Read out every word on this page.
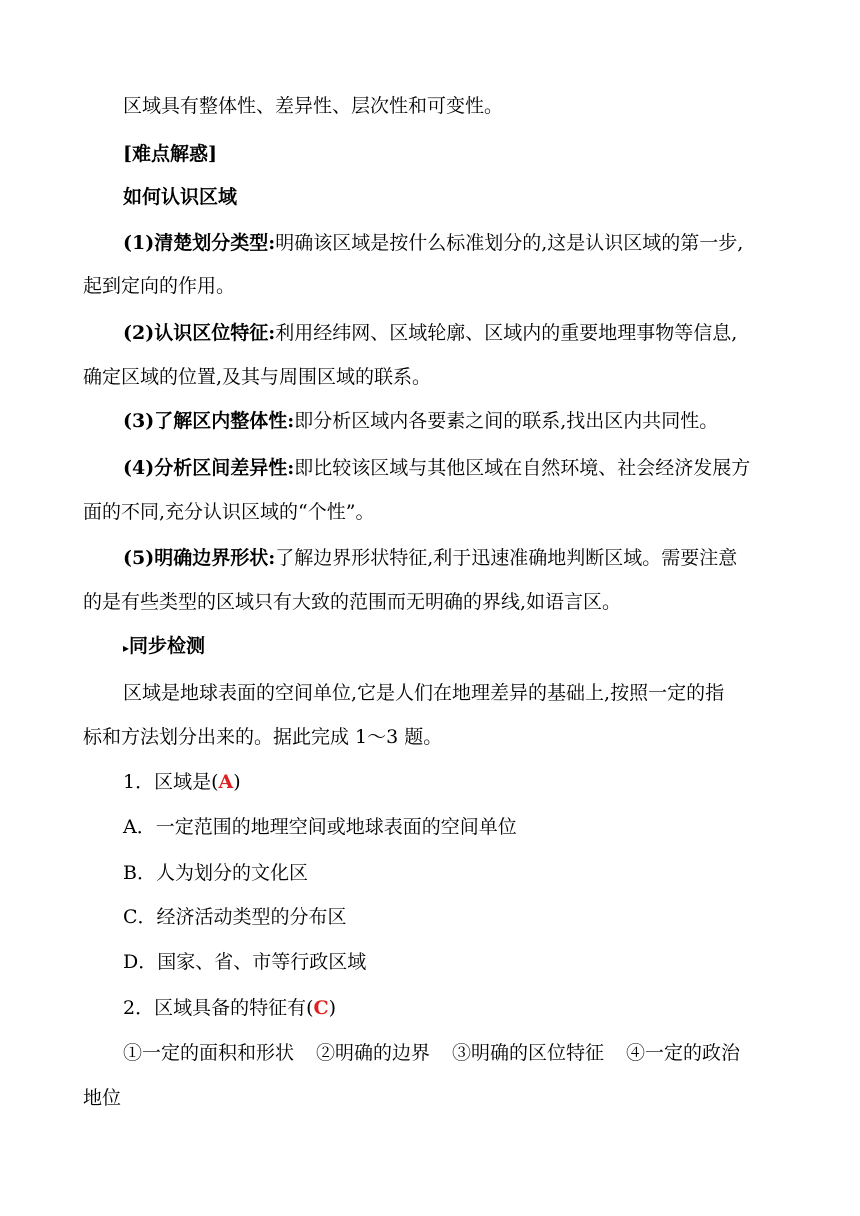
区域具有整体性、差异性、层次性和可变性。
[难点解惑]
如何认识区域
(1)清楚划分类型:明确该区域是按什么标准划分的,这是认识区域的第一步,
起到定向的作用。
(2)认识区位特征:利用经纬网、区域轮廓、区域内的重要地理事物等信息,
确定区域的位置,及其与周围区域的联系。
(3)了解区内整体性:即分析区域内各要素之间的联系,找出区内共同性。
(4)分析区间差异性:即比较该区域与其他区域在自然环境、社会经济发展方
面的不同,充分认识区域的“个性”。
(5)明确边界形状:了解边界形状特征,利于迅速准确地判断区域。需要注意
的是有些类型的区域只有大致的范围而无明确的界线,如语言区。
▸同步检测
区域是地球表面的空间单位,它是人们在地理差异的基础上,按照一定的指
标和方法划分出来的。据此完成 1～3 题。
1．区域是(A)
A．一定范围的地理空间或地球表面的空间单位
B．人为划分的文化区
C．经济活动类型的分布区
D．国家、省、市等行政区域
2．区域具备的特征有(C)
①一定的面积和形状 ②明确的边界 ③明确的区位特征 ④一定的政治
地位
